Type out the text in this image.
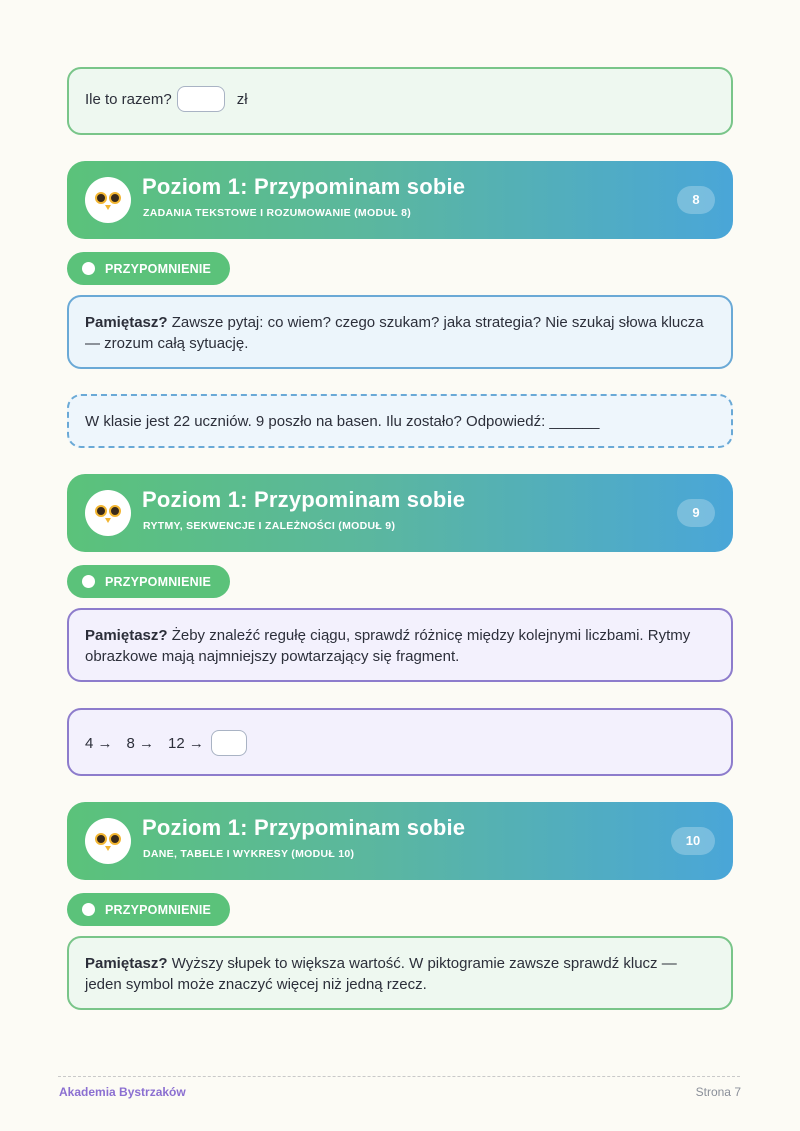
Ile to razem?	zł
Poziom 1: Przypominam sobie
ZADANIA TEKSTOWE I ROZUMOWANIE (MODUŁ 8)
8
PRZYPOMNIENIE
Pamiętasz? Zawsze pytaj: co wiem? czego szukam? jaka strategia? Nie szukaj słowa klucza — zrozum całą sytuację.
W klasie jest 22 uczniów. 9 poszło na basen. Ilu zostało? Odpowiedź: ______
Poziom 1: Przypominam sobie
RYTMY, SEKWENCJE I ZALEŻNOŚCI (MODUŁ 9)
9
PRZYPOMNIENIE
Pamiętasz? Żeby znaleźć regułę ciągu, sprawdź różnicę między kolejnymi liczbami. Rytmy obrazkowe mają najmniejszy powtarzający się fragment.
4 → 8 → 12 →
Poziom 1: Przypominam sobie
DANE, TABELE I WYKRESY (MODUŁ 10)
10
PRZYPOMNIENIE
Pamiętasz? Wyższy słupek to większa wartość. W piktogramie zawsze sprawdź klucz — jeden symbol może znaczyć więcej niż jedną rzecz.
Akademia Bystrzaków	Strona 7
